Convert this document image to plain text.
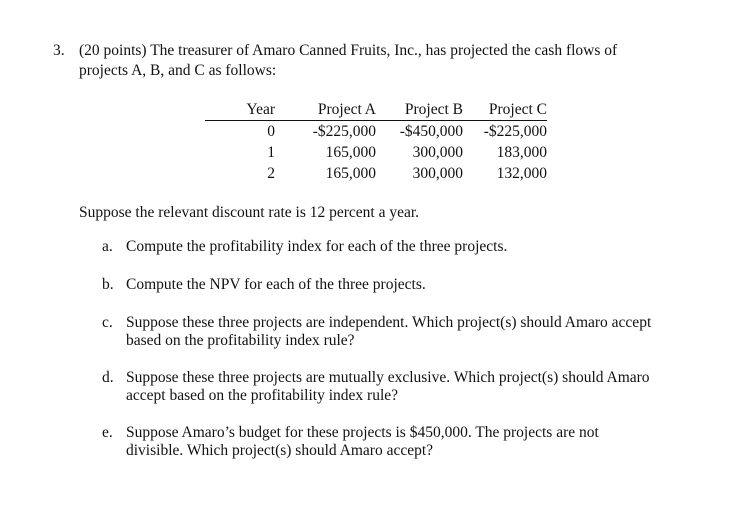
3. (20 points) The treasurer of Amaro Canned Fruits, Inc., has projected the cash flows of
projects A, B, and C as follows:
Year	Project A	Project B	Project C
0	-$225,000	-$450,000	-$225,000
1	165,000	300,000	183,000
2	165,000	300,000	132,000
Suppose the relevant discount rate is 12 percent a year.
a. Compute the profitability index for each of the three projects.
b. Compute the NPV for each of the three projects.
c. Suppose these three projects are independent. Which project(s) should Amaro accept
based on the profitability index rule?
d. Suppose these three projects are mutually exclusive. Which project(s) should Amaro
accept based on the profitability index rule?
e. Suppose Amaro’s budget for these projects is $450,000. The projects are not
divisible. Which project(s) should Amaro accept?
